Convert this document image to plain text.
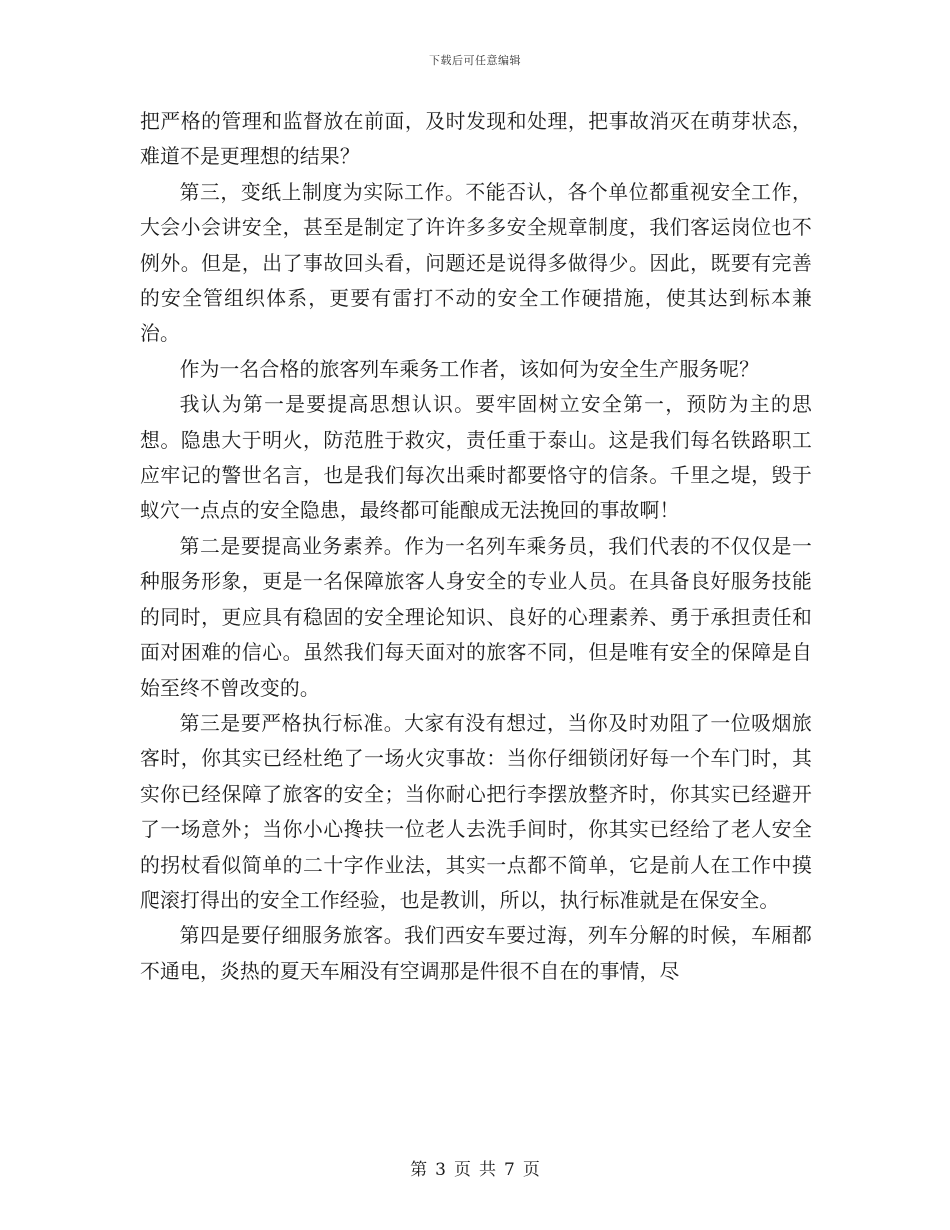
下载后可任意编辑

把严格的管理和监督放在前面，及时发现和处理，把事故消灭在萌芽状态，难道不是更理想的结果？

第三，变纸上制度为实际工作。不能否认，各个单位都重视安全工作，大会小会讲安全，甚至是制定了许许多多安全规章制度，我们客运岗位也不例外。但是，出了事故回头看，问题还是说得多做得少。因此，既要有完善的安全管组织体系，更要有雷打不动的安全工作硬措施，使其达到标本兼治。

作为一名合格的旅客列车乘务工作者，该如何为安全生产服务呢？

我认为第一是要提高思想认识。要牢固树立安全第一，预防为主的思想。隐患大于明火，防范胜于救灾，责任重于泰山。这是我们每名铁路职工应牢记的警世名言，也是我们每次出乘时都要恪守的信条。千里之堤，毁于蚁穴一点点的安全隐患，最终都可能酿成无法挽回的事故啊！

第二是要提高业务素养。作为一名列车乘务员，我们代表的不仅仅是一种服务形象，更是一名保障旅客人身安全的专业人员。在具备良好服务技能的同时，更应具有稳固的安全理论知识、良好的心理素养、勇于承担责任和面对困难的信心。虽然我们每天面对的旅客不同，但是唯有安全的保障是自始至终不曾改变的。

第三是要严格执行标准。大家有没有想过，当你及时劝阻了一位吸烟旅客时，你其实已经杜绝了一场火灾事故：当你仔细锁闭好每一个车门时，其实你已经保障了旅客的安全；当你耐心把行李摆放整齐时，你其实已经避开了一场意外；当你小心搀扶一位老人去洗手间时，你其实已经给了老人安全的拐杖看似简单的二十字作业法，其实一点都不简单，它是前人在工作中摸爬滚打得出的安全工作经验，也是教训，所以，执行标准就是在保安全。

第四是要仔细服务旅客。我们西安车要过海，列车分解的时候，车厢都不通电，炎热的夏天车厢没有空调那是件很不自在的事情，尽

第 3 页 共 7 页
